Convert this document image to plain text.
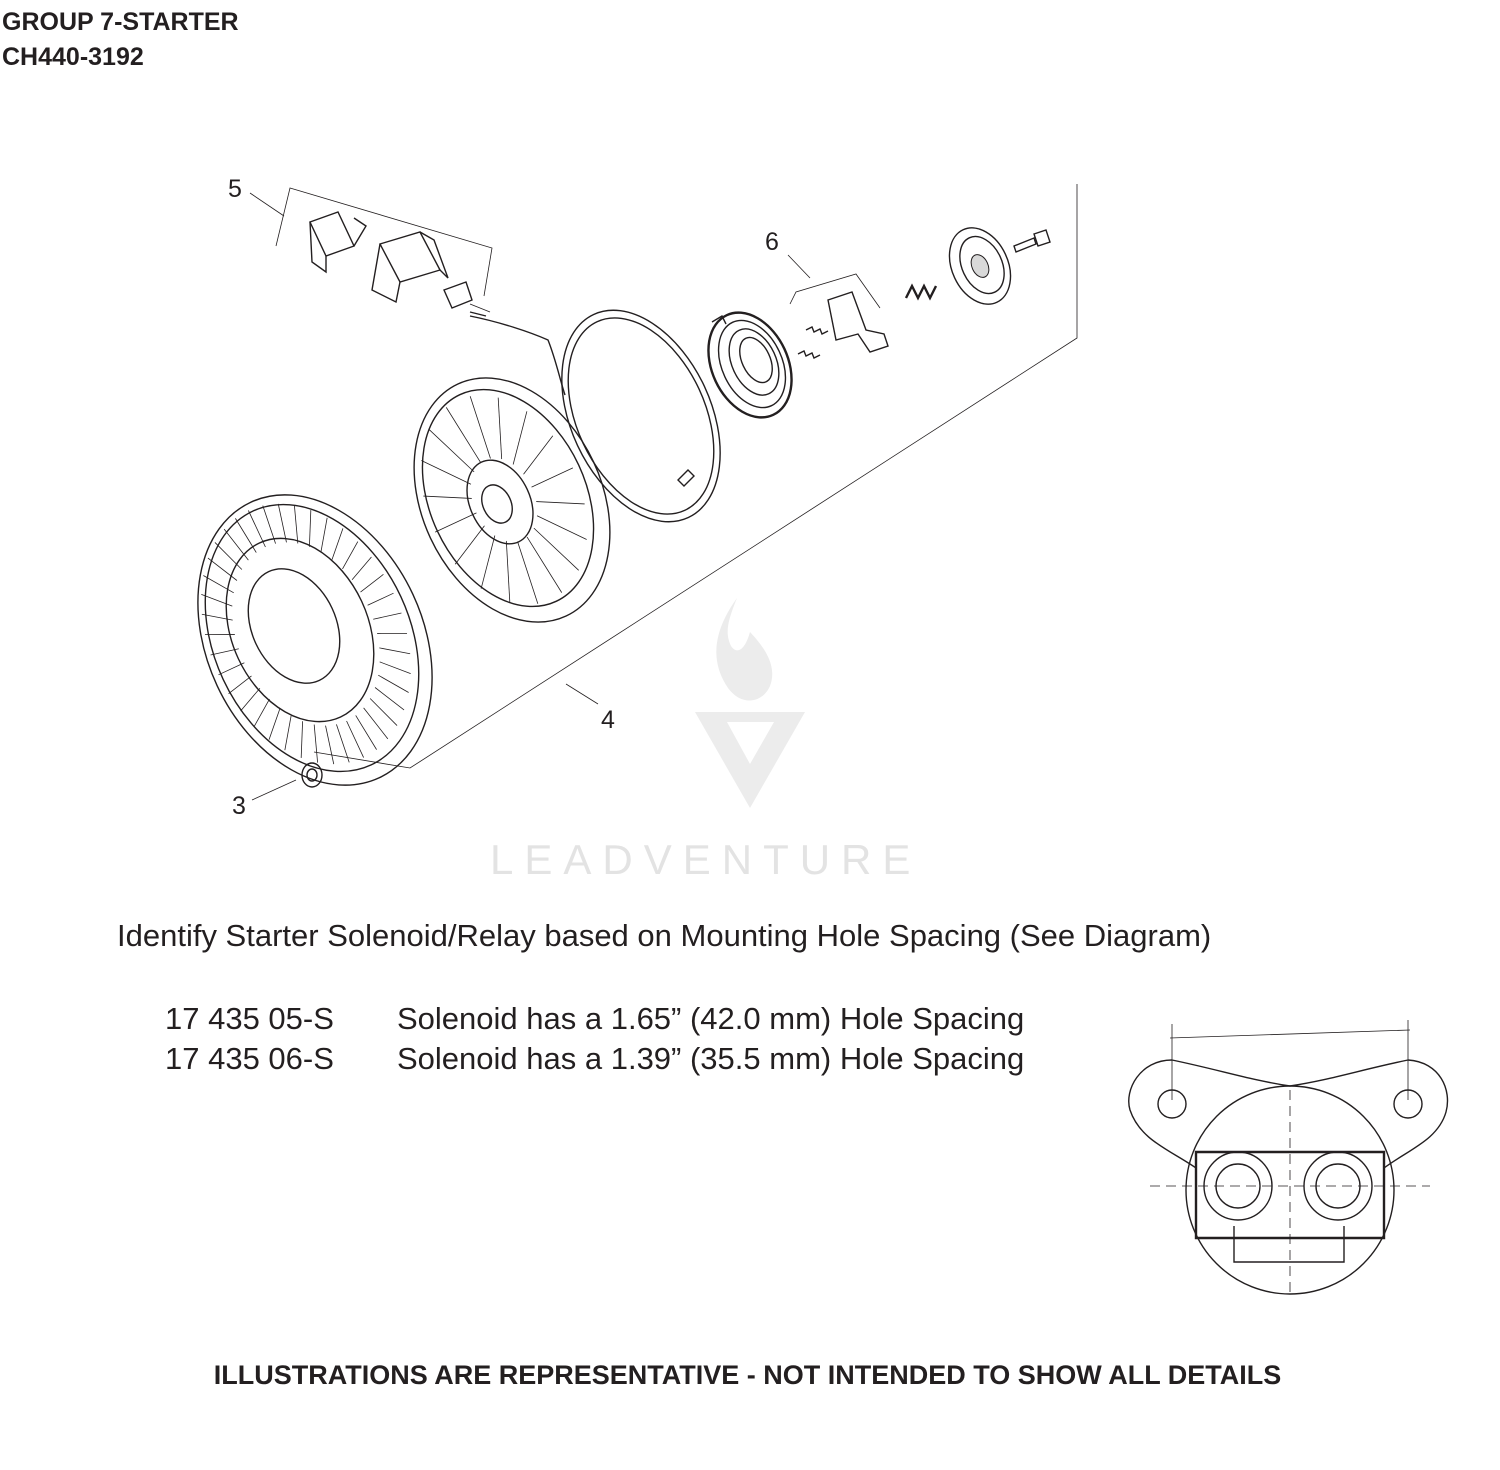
GROUP 7-STARTER
CH440-3192
LEADVENTURE
5
6
4
3
Identify Starter Solenoid/Relay based on Mounting Hole Spacing (See Diagram)
17 435 05-S Solenoid has a 1.65” (42.0 mm) Hole Spacing
17 435 06-S Solenoid has a 1.39” (35.5 mm) Hole Spacing
ILLUSTRATIONS ARE REPRESENTATIVE - NOT INTENDED TO SHOW ALL DETAILS
